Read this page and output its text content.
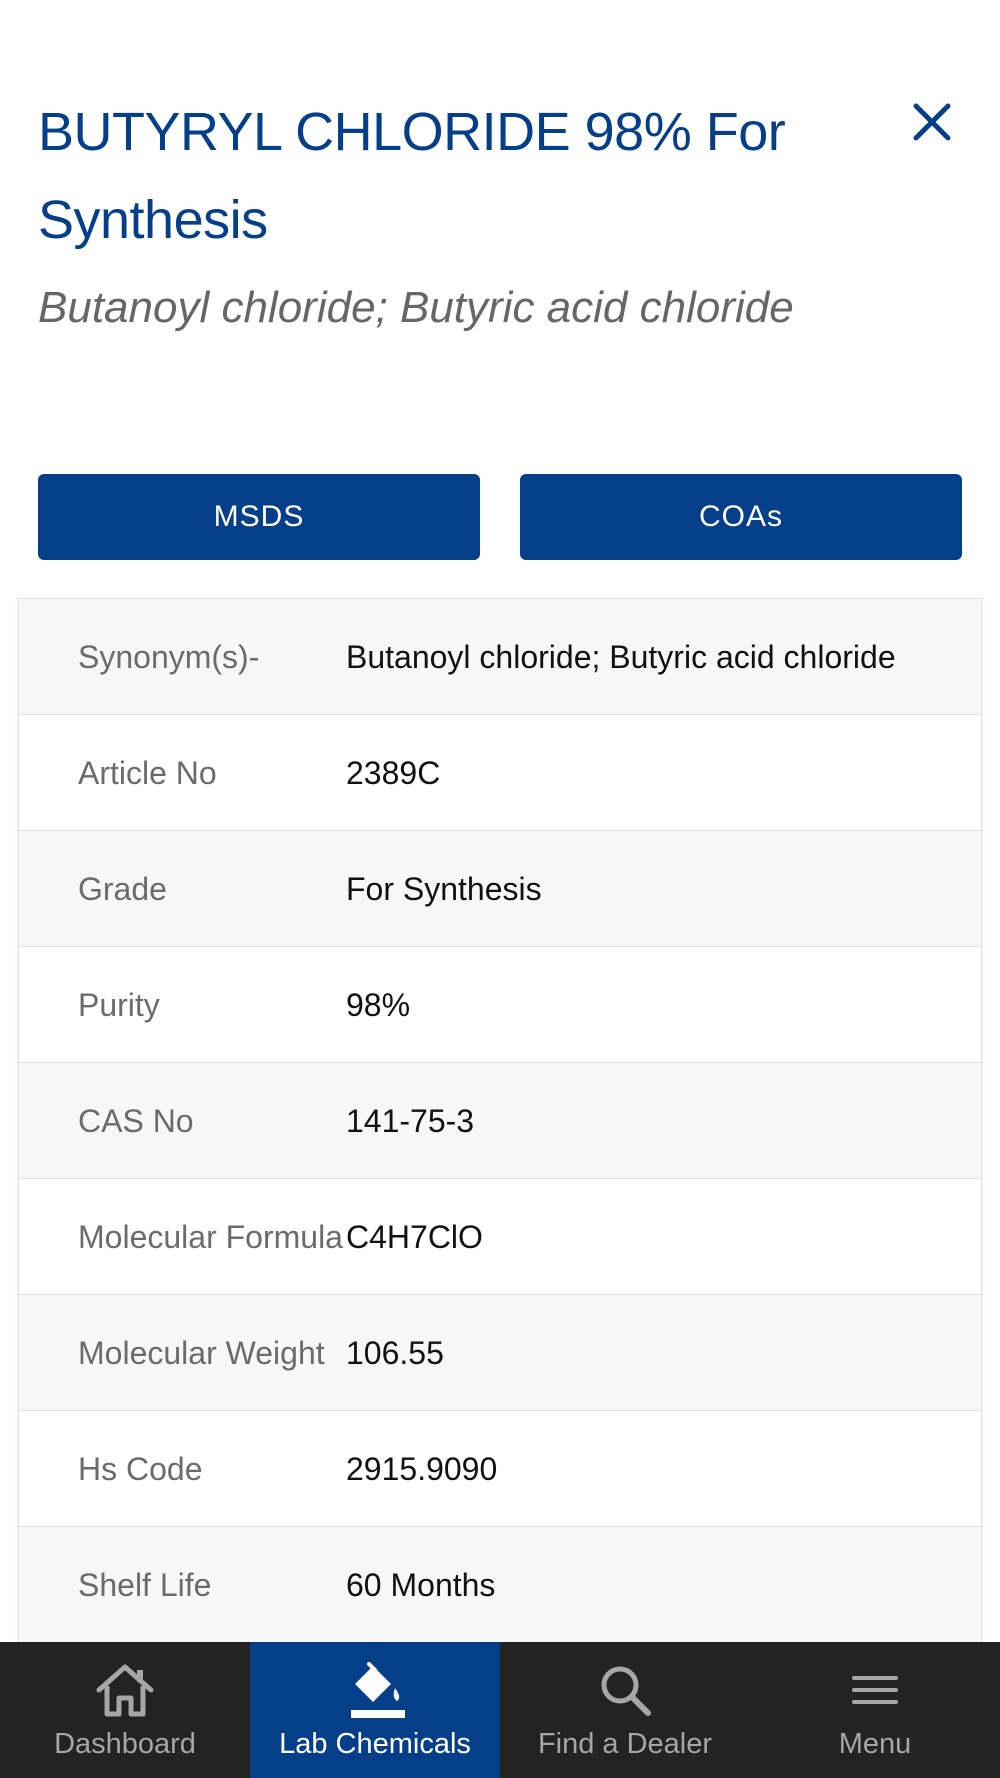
BUTYRYL CHLORIDE 98% For Synthesis
Butanoyl chloride; Butyric acid chloride
MSDS	COAs
Synonym(s)-	Butanoyl chloride; Butyric acid chloride
Article No	2389C
Grade	For Synthesis
Purity	98%
CAS No	141-75-3
Molecular Formula C4H7ClO
Molecular Weight 106.55
Hs Code	2915.9090
Shelf Life	60 Months
Dashboard	Lab Chemicals Find a Dealer	Menu
